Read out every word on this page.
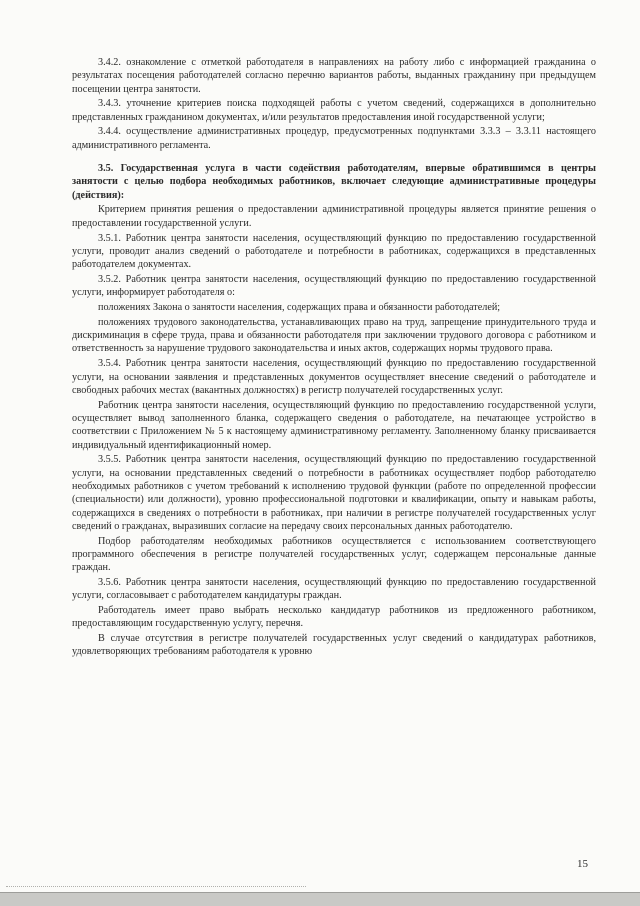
3.4.2. ознакомление с отметкой работодателя в направлениях на работу либо с информацией гражданина о результатах посещения работодателей согласно перечню вариантов работы, выданных гражданину при предыдущем посещении центра занятости.

3.4.3. уточнение критериев поиска подходящей работы с учетом сведений, содержащихся в дополнительно представленных гражданином документах, и/или результатов предоставления иной государственной услуги;

3.4.4. осуществление административных процедур, предусмотренных подпунктами 3.3.3 – 3.3.11 настоящего административного регламента.

3.5. Государственная услуга в части содействия работодателям, впервые обратившимся в центры занятости с целью подбора необходимых работников, включает следующие административные процедуры (действия):

Критерием принятия решения о предоставлении административной процедуры является принятие решения о предоставлении государственной услуги.

3.5.1. Работник центра занятости населения, осуществляющий функцию по предоставлению государственной услуги, проводит анализ сведений о работодателе и потребности в работниках, содержащихся в представленных работодателем документах.

3.5.2. Работник центра занятости населения, осуществляющий функцию по предоставлению государственной услуги, информирует работодателя о:

положениях Закона о занятости населения, содержащих права и обязанности работодателей;

положениях трудового законодательства, устанавливающих право на труд, запрещение принудительного труда и дискриминация в сфере труда, права и обязанности работодателя при заключении трудового договора с работником и ответственность за нарушение трудового законодательства и иных актов, содержащих нормы трудового права.

3.5.4. Работник центра занятости населения, осуществляющий функцию по предоставлению государственной услуги, на основании заявления и представленных документов осуществляет внесение сведений о работодателе и свободных рабочих местах (вакантных должностях) в регистр получателей государственных услуг.

Работник центра занятости населения, осуществляющий функцию по предоставлению государственной услуги, осуществляет вывод заполненного бланка, содержащего сведения о работодателе, на печатающее устройство в соответствии с Приложением № 5 к настоящему административному регламенту. Заполненному бланку присваивается индивидуальный идентификационный номер.

3.5.5. Работник центра занятости населения, осуществляющий функцию по предоставлению государственной услуги, на основании представленных сведений о потребности в работниках осуществляет подбор работодателю необходимых работников с учетом требований к исполнению трудовой функции (работе по определенной профессии (специальности) или должности), уровню профессиональной подготовки и квалификации, опыту и навыкам работы, содержащихся в сведениях о потребности в работниках, при наличии в регистре получателей государственных услуг сведений о гражданах, выразивших согласие на передачу своих персональных данных работодателю.

Подбор работодателям необходимых работников осуществляется с использованием соответствующего программного обеспечения в регистре получателей государственных услуг, содержащем персональные данные граждан.

3.5.6. Работник центра занятости населения, осуществляющий функцию по предоставлению государственной услуги, согласовывает с работодателем кандидатуры граждан.

Работодатель имеет право выбрать несколько кандидатур работников из предложенного работником, предоставляющим государственную услугу, перечня.

В случае отсутствия в регистре получателей государственных услуг сведений о кандидатурах работников, удовлетворяющих требованиям работодателя к уровню

15
